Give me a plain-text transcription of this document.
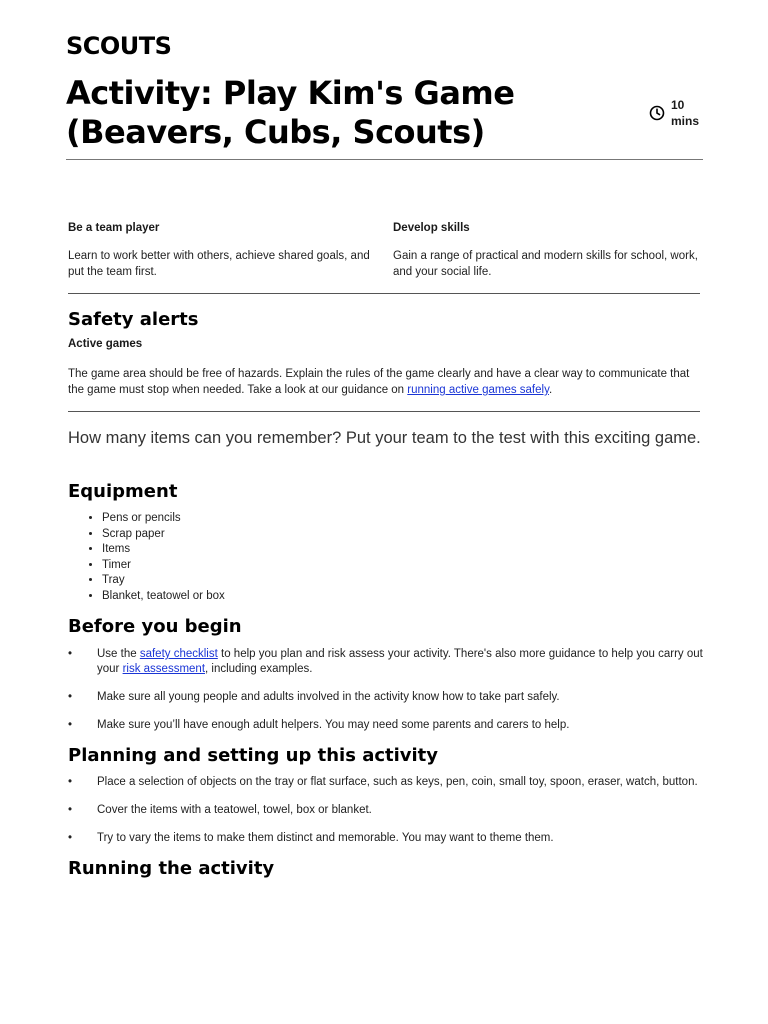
SCOUTS
Activity: Play Kim's Game (Beavers, Cubs, Scouts)
10 mins
Be a team player

Learn to work better with others, achieve shared goals, and put the team first.

Develop skills

Gain a range of practical and modern skills for school, work, and your social life.

Safety alerts
Active games

The game area should be free of hazards. Explain the rules of the game clearly and have a clear way to communicate that the game must stop when needed. Take a look at our guidance on running active games safely.

How many items can you remember? Put your team to the test with this exciting game.

Equipment
• Pens or pencils
• Scrap paper
• Items
• Timer
• Tray
• Blanket, teatowel or box
Before you begin
• Use the safety checklist to help you plan and risk assess your activity. There's also more guidance to help you carry out your risk assessment, including examples.
• Make sure all young people and adults involved in the activity know how to take part safely.
• Make sure you’ll have enough adult helpers. You may need some parents and carers to help.
Planning and setting up this activity
• Place a selection of objects on the tray or flat surface, such as keys, pen, coin, small toy, spoon, eraser, watch, button.
• Cover the items with a teatowel, towel, box or blanket.
• Try to vary the items to make them distinct and memorable. You may want to theme them.
Running the activity
